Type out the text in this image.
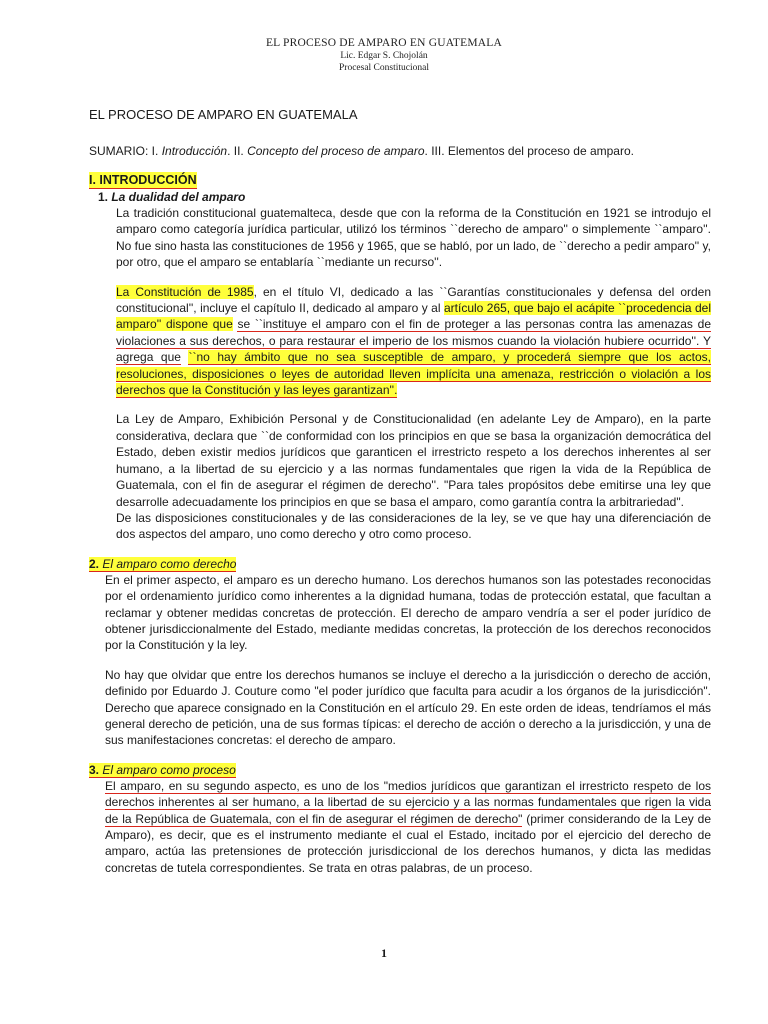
EL PROCESO DE AMPARO EN GUATEMALA
Lic. Edgar S. Chojolán
Procesal Constitucional
EL PROCESO DE AMPARO EN GUATEMALA

SUMARIO: I. Introducción. II. Concepto del proceso de amparo. III. Elementos del proceso de amparo.

I. INTRODUCCIÓN

1. La dualidad del amparo

La tradición constitucional guatemalteca, desde que con la reforma de la Constitución en 1921 se introdujo el amparo como categoría jurídica particular, utilizó los términos ``derecho de amparo'' o simplemente ``amparo''. No fue sino hasta las constituciones de 1956 y 1965, que se habló, por un lado, de ``derecho a pedir amparo'' y, por otro, que el amparo se entablaría ``mediante un recurso''.

La Constitución de 1985, en el título VI, dedicado a las ``Garantías constitucionales y defensa del orden constitucional'', incluye el capítulo II, dedicado al amparo y al artículo 265, que bajo el acápite ``procedencia del amparo'' dispone que se ``instituye el amparo con el fin de proteger a las personas contra las amenazas de violaciones a sus derechos, o para restaurar el imperio de los mismos cuando la violación hubiere ocurrido''. Y agrega que ``no hay ámbito que no sea susceptible de amparo, y procederá siempre que los actos, resoluciones, disposiciones o leyes de autoridad lleven implícita una amenaza, restricción o violación a los derechos que la Constitución y las leyes garantizan''.

La Ley de Amparo, Exhibición Personal y de Constitucionalidad (en adelante Ley de Amparo), en la parte considerativa, declara que ``de conformidad con los principios en que se basa la organización democrática del Estado, deben existir medios jurídicos que garanticen el irrestricto respeto a los derechos inherentes al ser humano, a la libertad de su ejercicio y a las normas fundamentales que rigen la vida de la República de Guatemala, con el fin de asegurar el régimen de derecho''. "Para tales propósitos debe emitirse una ley que desarrolle adecuadamente los principios en que se basa el amparo, como garantía contra la arbitrariedad".

De las disposiciones constitucionales y de las consideraciones de la ley, se ve que hay una diferenciación de dos aspectos del amparo, uno como derecho y otro como proceso.

2. El amparo como derecho

En el primer aspecto, el amparo es un derecho humano. Los derechos humanos son las potestades reconocidas por el ordenamiento jurídico como inherentes a la dignidad humana, todas de protección estatal, que facultan a reclamar y obtener medidas concretas de protección. El derecho de amparo vendría a ser el poder jurídico de obtener jurisdiccionalmente del Estado, mediante medidas concretas, la protección de los derechos reconocidos por la Constitución y la ley.

No hay que olvidar que entre los derechos humanos se incluye el derecho a la jurisdicción o derecho de acción, definido por Eduardo J. Couture como "el poder jurídico que faculta para acudir a los órganos de la jurisdicción". Derecho que aparece consignado en la Constitución en el artículo 29. En este orden de ideas, tendríamos el más general derecho de petición, una de sus formas típicas: el derecho de acción o derecho a la jurisdicción, y una de sus manifestaciones concretas: el derecho de amparo.

3. El amparo como proceso

El amparo, en su segundo aspecto, es uno de los "medios jurídicos que garantizan el irrestricto respeto de los derechos inherentes al ser humano, a la libertad de su ejercicio y a las normas fundamentales que rigen la vida de la República de Guatemala, con el fin de asegurar el régimen de derecho" (primer considerando de la Ley de Amparo), es decir, que es el instrumento mediante el cual el Estado, incitado por el ejercicio del derecho de amparo, actúa las pretensiones de protección jurisdiccional de los derechos humanos, y dicta las medidas concretas de tutela correspondientes. Se trata en otras palabras, de un proceso.

1
